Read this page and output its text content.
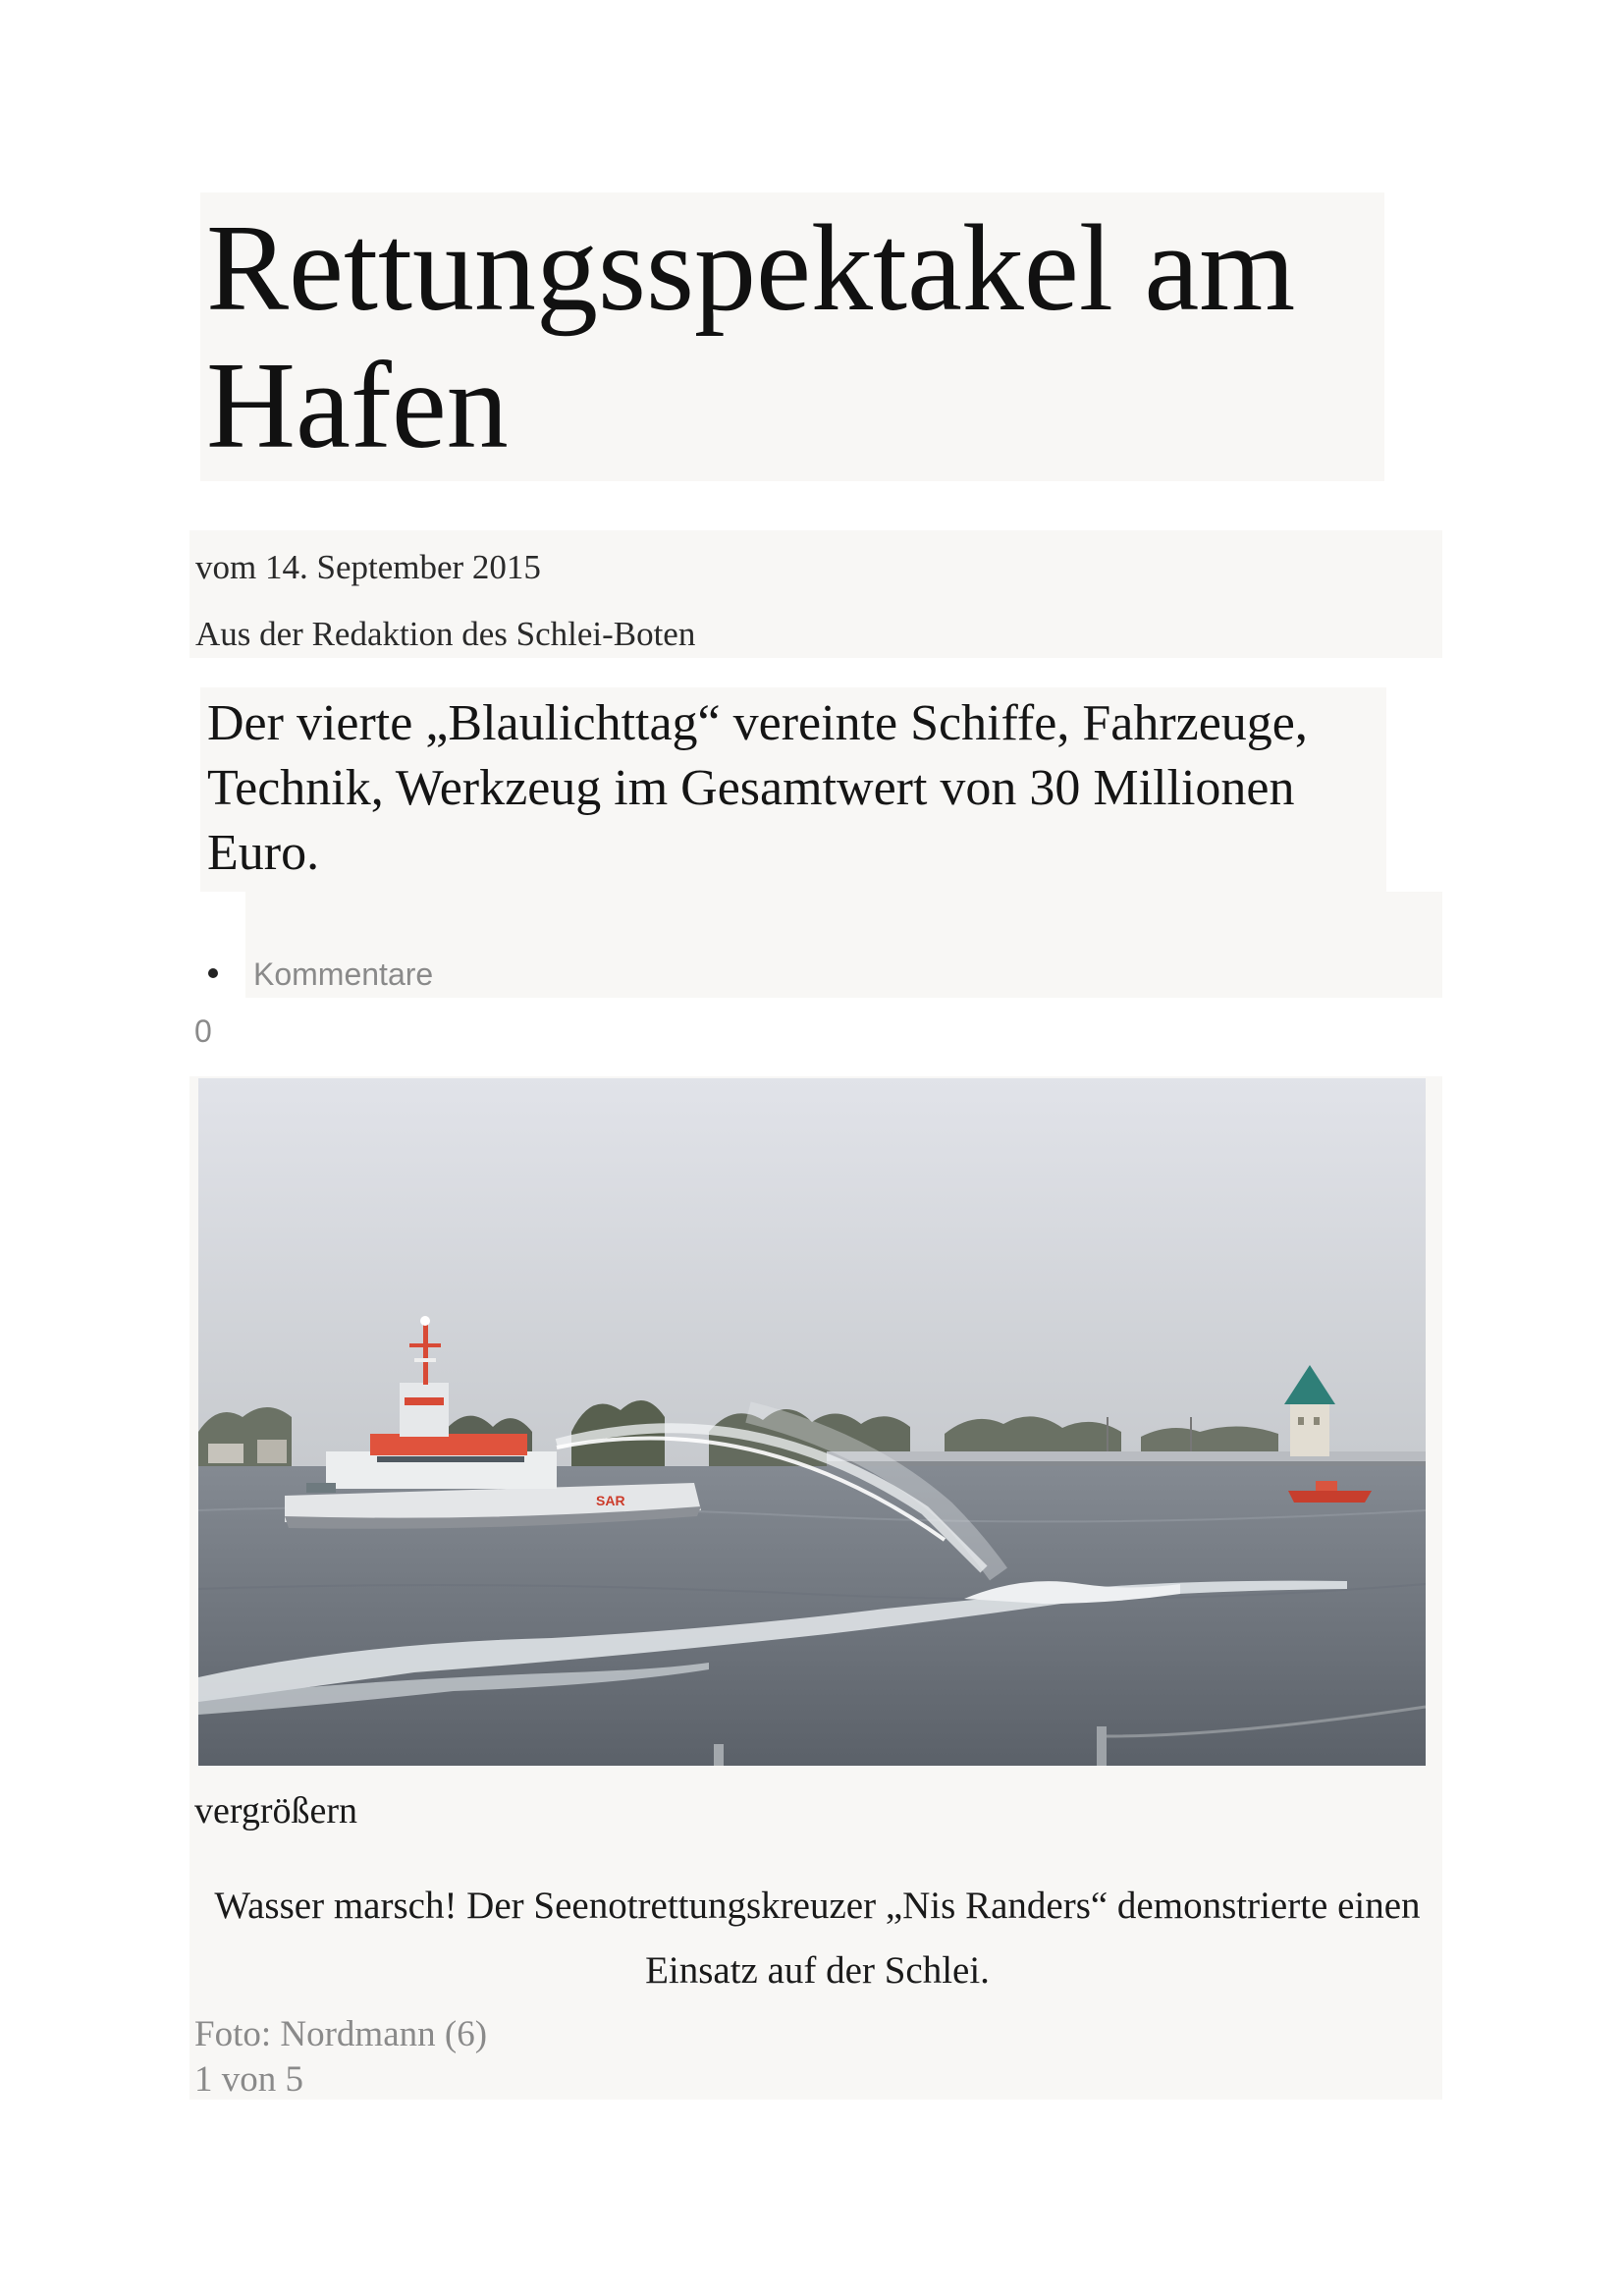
Rettungsspektakel am Hafen
vom 14. September 2015
Aus der Redaktion des Schlei-Boten

Der vierte „Blaulichttag“ vereinte Schiffe, Fahrzeuge, Technik, Werkzeug im Gesamtwert von 30 Millionen Euro.

Kommentare
0
SAR
vergrößern

Wasser marsch! Der Seenotrettungskreuzer „Nis Randers“ demonstrierte einen Einsatz auf der Schlei.

Foto: Nordmann (6)
1 von 5
